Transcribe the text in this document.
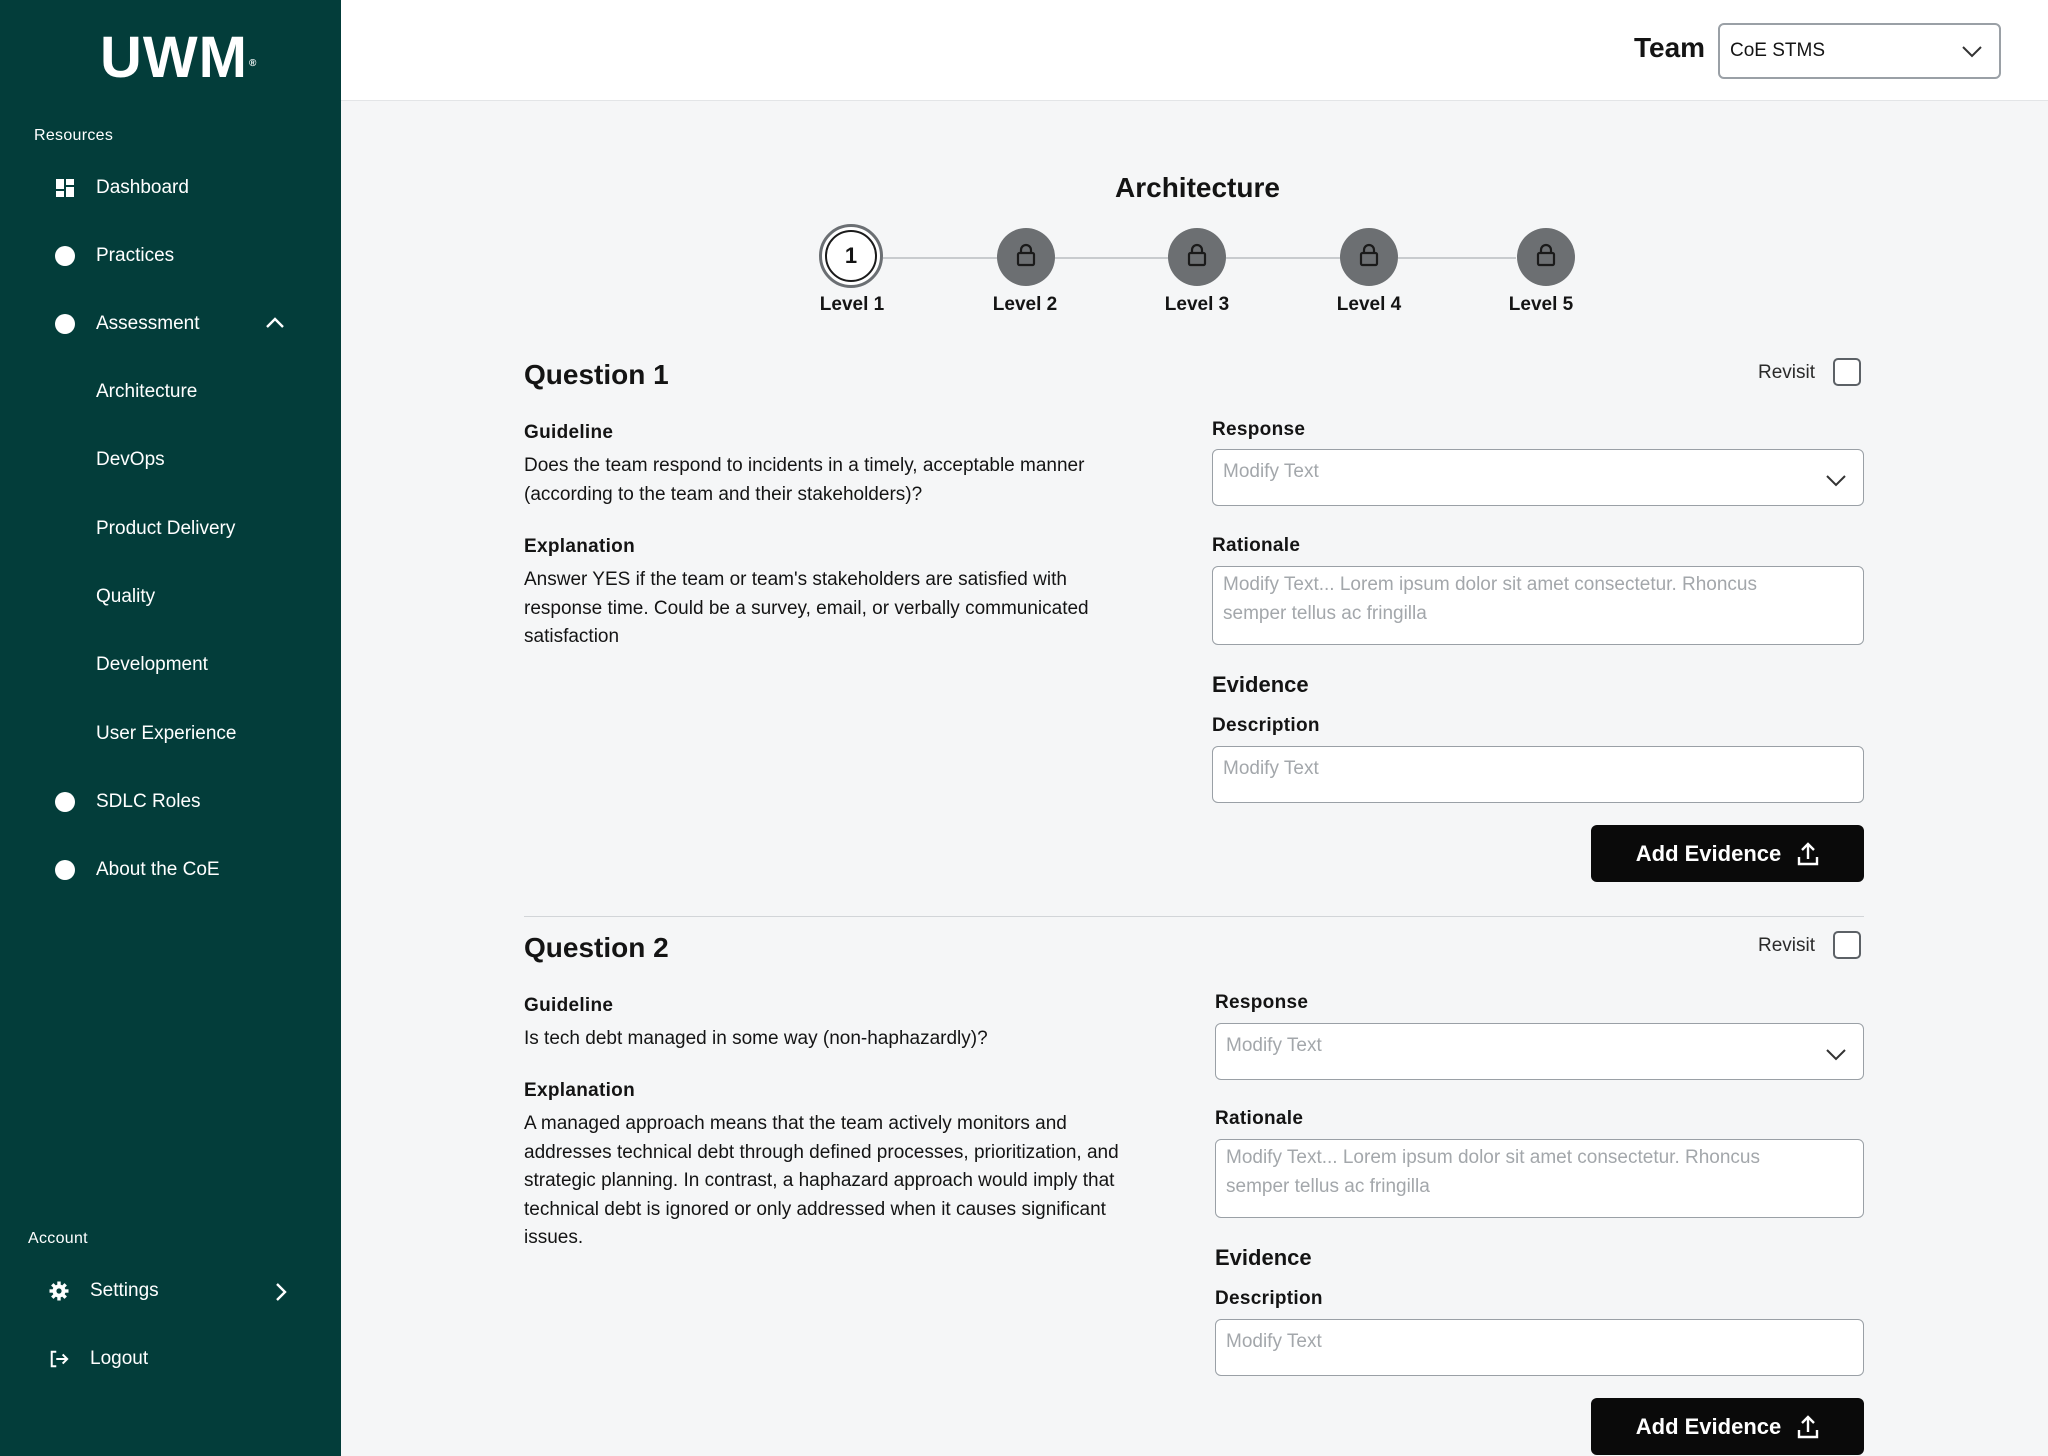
UWM®
Resources
Dashboard
Practices
Assessment
Architecture
DevOps
Product Delivery
Quality
Development
User Experience
SDLC Roles
About the CoE
Account
Settings
Logout
Team CoE STMS
Architecture
1
Level 1	Level 2	Level 3	Level 4	Level 5
Question 1	Revisit
Guideline
Does the team respond to incidents in a timely, acceptable manner
(according to the team and their stakeholders)?
Explanation
Answer YES if the team or team's stakeholders are satisfied with
response time. Could be a survey, email, or verbally communicated
satisfaction
Response
Modify Text
Rationale
Modify Text... Lorem ipsum dolor sit amet consectetur. Rhoncus
semper tellus ac fringilla
Evidence
Description
Modify Text
Add Evidence
Question 2	Revisit
Guideline
Is tech debt managed in some way (non-haphazardly)?
Explanation
A managed approach means that the team actively monitors and
addresses technical debt through defined processes, prioritization, and
strategic planning. In contrast, a haphazard approach would imply that
technical debt is ignored or only addressed when it causes significant
issues.
Response
Modify Text
Rationale
Modify Text... Lorem ipsum dolor sit amet consectetur. Rhoncus
semper tellus ac fringilla
Evidence
Description
Modify Text
Add Evidence
